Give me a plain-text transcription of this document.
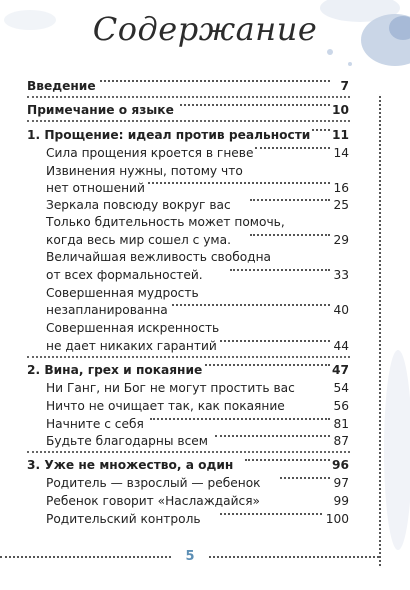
Содержание
Введение	7
Примечание о языке	10
1. Прощение: идеал против реальности 11
Сила прощения кроется в гневе	14
Извинения нужны, потому что
нет отношений	16
Зеркала повсюду вокруг вас	25
Только бдительность может помочь,
когда весь мир сошел с ума.	29
Величайшая вежливость свободна
от всех формальностей.	33
Совершенная мудрость
незапланированна	40
Совершенная искренность
не дает никаких гарантий	44
2. Вина, грех и покаяние	47
Ни Ганг, ни Бог не могут простить вас	54
Ничто не очищает так, как покаяние	56
Начните с себя	81
Будьте благодарны всем	87
3. Уже не множество, а один	96
Родитель — взрослый — ребенок	97
Ребенок говорит «Наслаждайся»	99
Родительский контроль	100
5
